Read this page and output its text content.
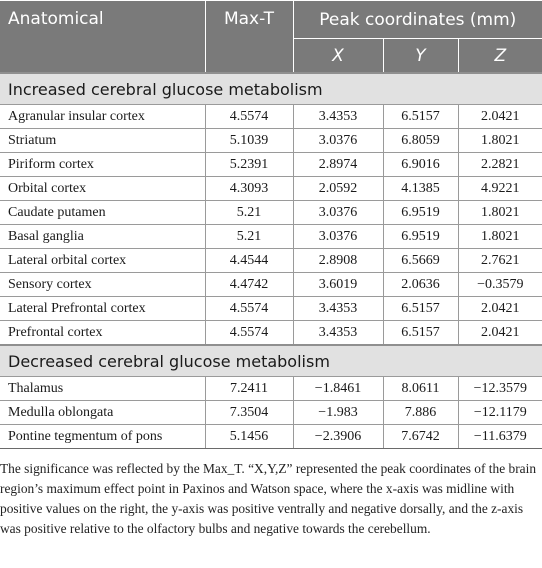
Anatomical	Max-T	Peak coordinates (mm)		
		X	Y	Z
Increased cerebral glucose metabolism				
Agranular insular cortex	4.5574	3.4353	6.5157	2.0421
Striatum	5.1039	3.0376	6.8059	1.8021
Piriform cortex	5.2391	2.8974	6.9016	2.2821
Orbital cortex	4.3093	2.0592	4.1385	4.9221
Caudate putamen	5.21	3.0376	6.9519	1.8021
Basal ganglia	5.21	3.0376	6.9519	1.8021
Lateral orbital cortex	4.4544	2.8908	6.5669	2.7621
Sensory cortex	4.4742	3.6019	2.0636	−0.3579
Lateral Prefrontal cortex	4.5574	3.4353	6.5157	2.0421
Prefrontal cortex	4.5574	3.4353	6.5157	2.0421
Decreased cerebral glucose metabolism				
Thalamus	7.2411	−1.8461	8.0611	−12.3579
Medulla oblongata	7.3504	−1.983	7.886	−12.1179
Pontine tegmentum of pons	5.1456	−2.3906	7.6742	−11.6379

The significance was reflected by the Max_T. “X,Y,Z” represented the peak coordinates of the brain region’s maximum effect point in Paxinos and Watson space, where the x-axis was midline with positive values on the right, the y-axis was positive ventrally and negative dorsally, and the z-axis was positive relative to the olfactory bulbs and negative towards the cerebellum.
